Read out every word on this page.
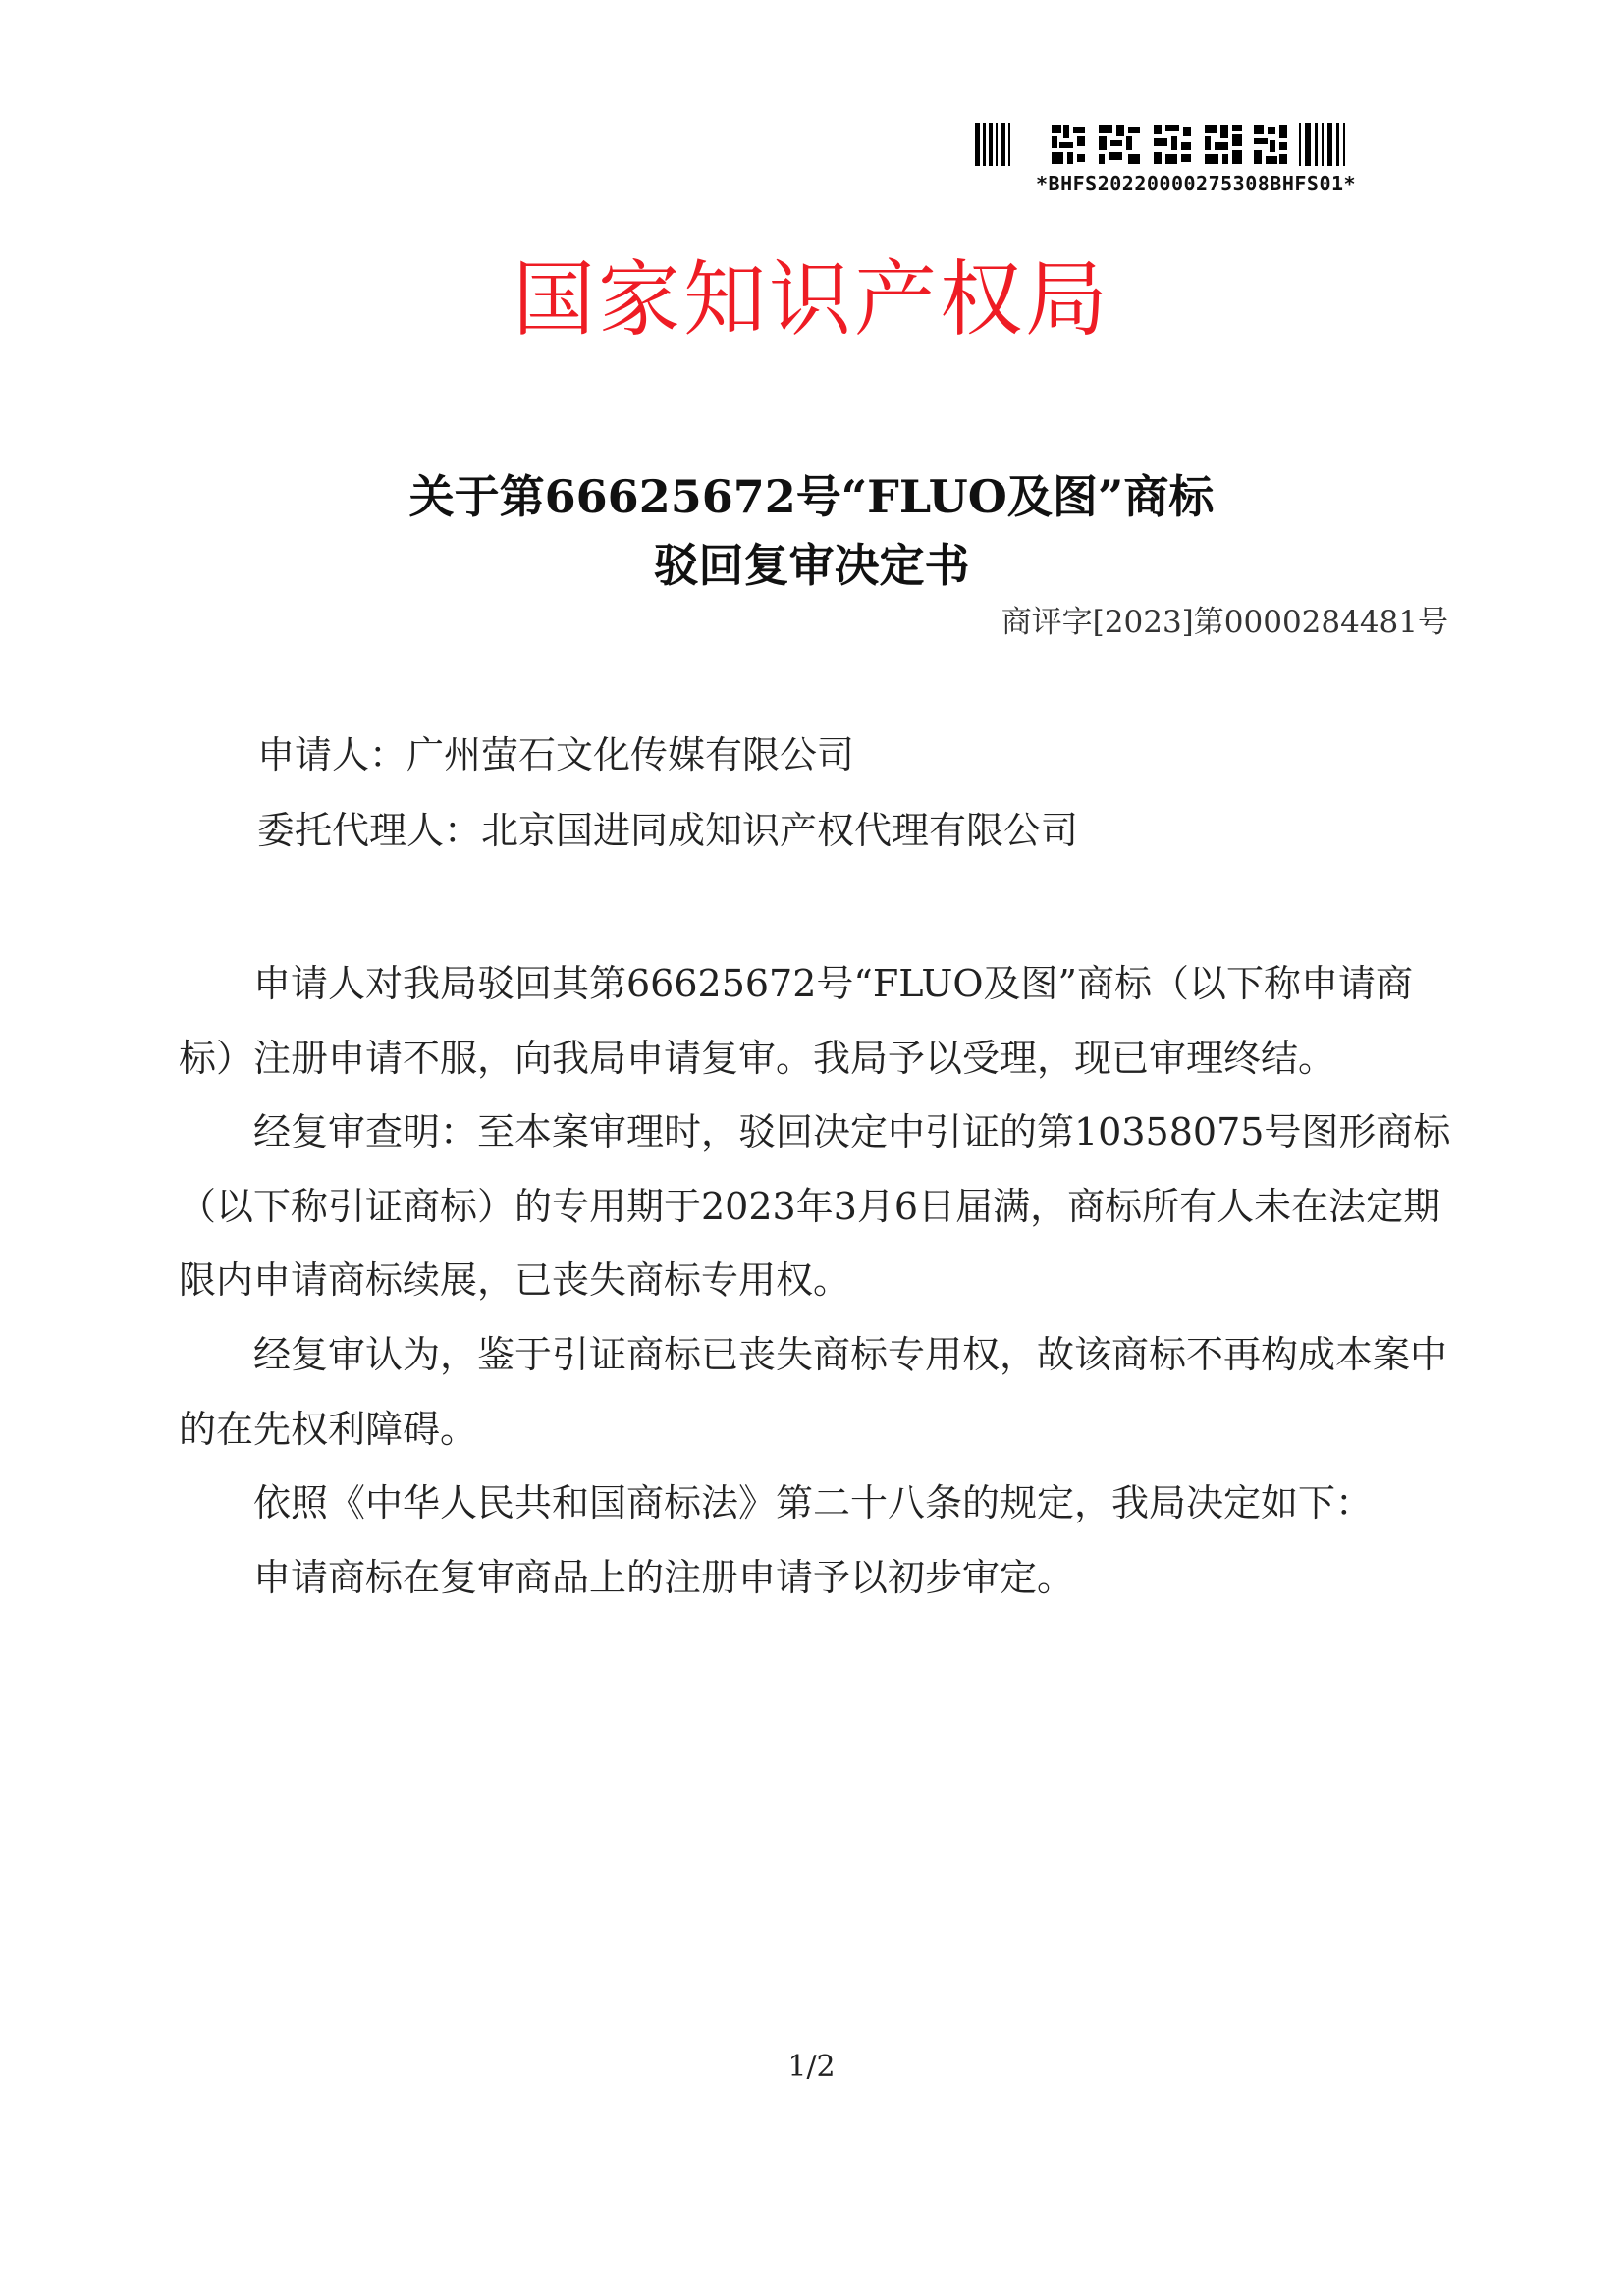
*BHFS20220000275308BHFS01*
国家知识产权局
关于第66625672号“FLUO及图”商标
驳回复审决定书
商评字[2023]第0000284481号
申请人：广州萤石文化传媒有限公司
委托代理人：北京国进同成知识产权代理有限公司

申请人对我局驳回其第66625672号“FLUO及图”商标（以下称申请商标）注册申请不服，向我局申请复审。我局予以受理，现已审理终结。

经复审查明：至本案审理时，驳回决定中引证的第10358075号图形商标（以下称引证商标）的专用期于2023年3月6日届满，商标所有人未在法定期限内申请商标续展，已丧失商标专用权。

经复审认为，鉴于引证商标已丧失商标专用权，故该商标不再构成本案中的在先权利障碍。

依照《中华人民共和国商标法》第二十八条的规定，我局决定如下：

申请商标在复审商品上的注册申请予以初步审定。

1/2
